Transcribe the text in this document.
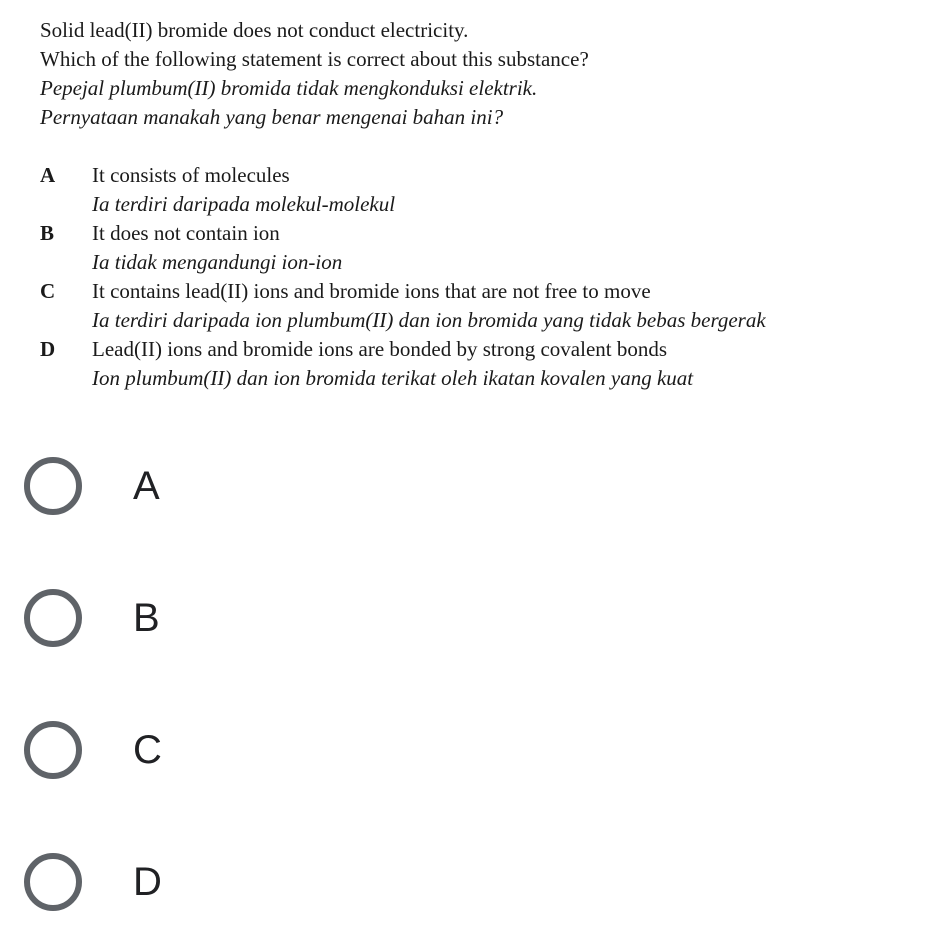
Solid lead(II) bromide does not conduct electricity.
Which of the following statement is correct about this substance?
Pepejal plumbum(II) bromida tidak mengkonduksi elektrik.
Pernyataan manakah yang benar mengenai bahan ini?
A	It consists of molecules
Ia terdiri daripada molekul-molekul
B	It does not contain ion
Ia tidak mengandungi ion-ion
C	It contains lead(II) ions and bromide ions that are not free to move
Ia terdiri daripada ion plumbum(II) dan ion bromida yang tidak bebas bergerak
D	Lead(II) ions and bromide ions are bonded by strong covalent bonds
Ion plumbum(II) dan ion bromida terikat oleh ikatan kovalen yang kuat
A
B
C
D
